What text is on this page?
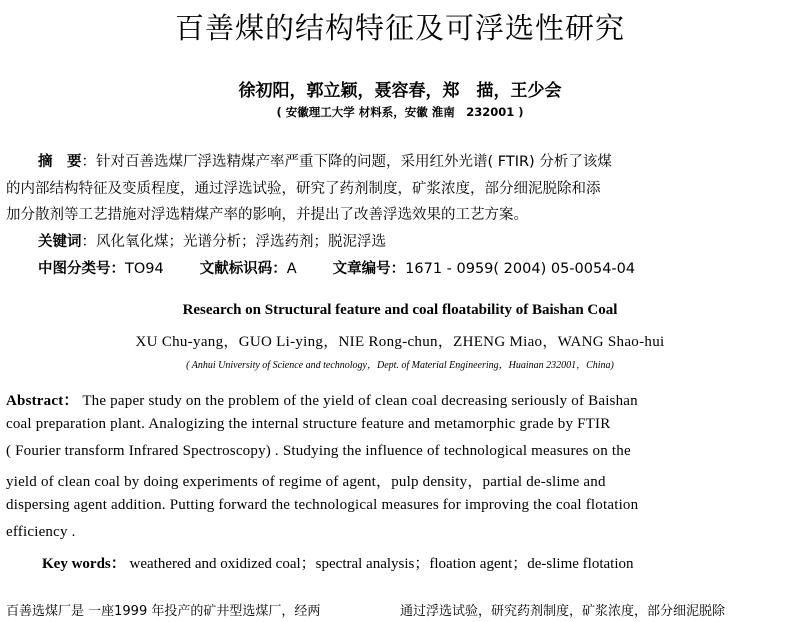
百善煤的结构特征及可浮选性研究
徐初阳，郭立颖，聂容春，郑　描，王少会
( 安徽理工大学 材料系，安徽 淮南　232001 )
摘　要：针对百善选煤厂浮选精煤产率严重下降的问题，采用红外光谱( FTIR) 分析了该煤
的内部结构特征及变质程度，通过浮选试验，研究了药剂制度，矿浆浓度，部分细泥脱除和添
加分散剂等工艺措施对浮选精煤产率的影响，并提出了改善浮选效果的工艺方案。
关键词：风化氧化煤；光谱分析；浮选药剂；脱泥浮选
中图分类号：TO94 文献标识码：A 文章编号：1671 - 0959( 2004) 05-0054-04
Research on Structural feature and coal floatability of Baishan Coal
XU Chu-yang，GUO Li-ying，NIE Rong-chun，ZHENG Miao，WANG Shao-hui
( Anhui University of Science and technology，Dept. of Material Engineering，Huainan 232001，China)
Abstract： The paper study on the problem of the yield of clean coal decreasing seriously of Baishan
coal preparation plant. Analogizing the internal structure feature and metamorphic grade by FTIR
( Fourier transform Infrared Spectroscopy) . Studying the influence of technological measures on the
yield of clean coal by doing experiments of regime of agent，pulp density，partial de-slime and
dispersing agent addition. Putting forward the technological measures for improving the coal flotation
efficiency .
Key words： weathered and oxidized coal；spectral analysis；floation agent；de-slime flotation
百善选煤厂是 一座1999 年投产的矿井型选煤厂，经两	通过浮选试验，研究药剂制度，矿浆浓度，部分细泥脱除
